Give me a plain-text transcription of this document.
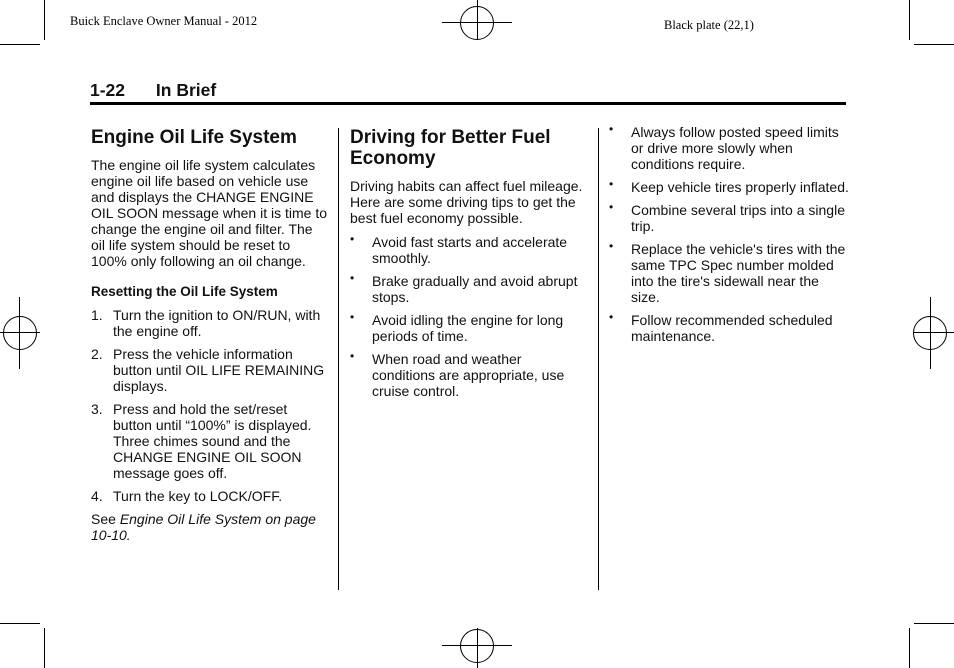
Buick Enclave Owner Manual - 2012	Black plate (22,1)
1-22 In Brief
Engine Oil Life System

The engine oil life system calculates engine oil life based on vehicle use and displays the CHANGE ENGINE OIL SOON message when it is time to change the engine oil and filter. The oil life system should be reset to 100% only following an oil change.

Resetting the Oil Life System
1. Turn the ignition to ON/RUN, with the engine off.
2. Press the vehicle information button until OIL LIFE REMAINING displays.
3. Press and hold the set/reset button until “100%” is displayed. Three chimes sound and the CHANGE ENGINE OIL SOON message goes off.
4. Turn the key to LOCK/OFF.

See Engine Oil Life System on page 10-10.

Driving for Better Fuel Economy

Driving habits can affect fuel mileage. Here are some driving tips to get the best fuel economy possible.

• Avoid fast starts and accelerate smoothly.
• Brake gradually and avoid abrupt stops.
• Avoid idling the engine for long periods of time.
• When road and weather conditions are appropriate, use cruise control.
• Always follow posted speed limits or drive more slowly when conditions require.
• Keep vehicle tires properly inflated.
• Combine several trips into a single trip.
• Replace the vehicle's tires with the same TPC Spec number molded into the tire's sidewall near the size.
• Follow recommended scheduled maintenance.
